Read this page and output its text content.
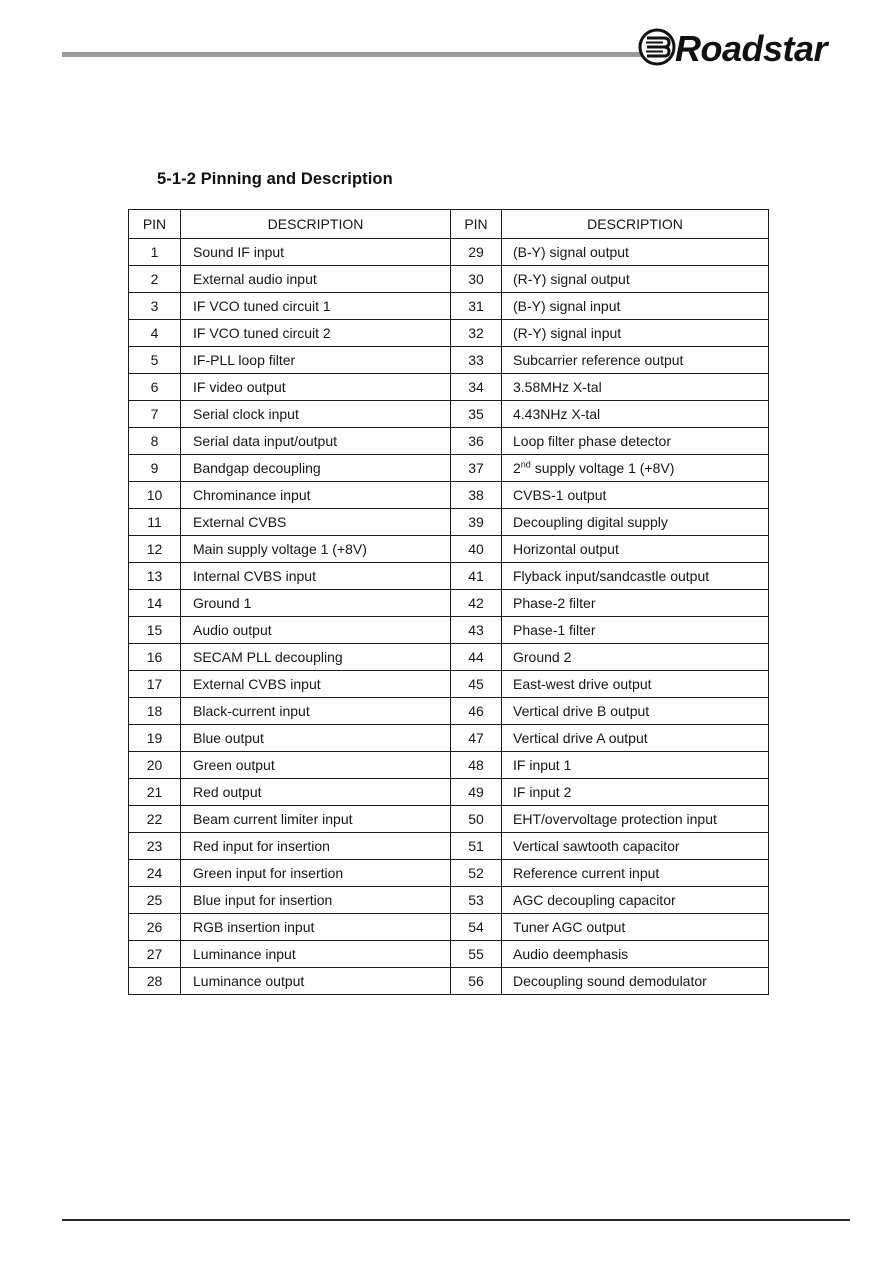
Roadstar
5-1-2 Pinning and Description
PIN	DESCRIPTION	PIN	DESCRIPTION
1	Sound IF input	29	(B-Y) signal output
2	External audio input	30	(R-Y) signal output
3	IF VCO tuned circuit 1	31	(B-Y) signal input
4	IF VCO tuned circuit 2	32	(R-Y) signal input
5	IF-PLL loop filter	33	Subcarrier reference output
6	IF video output	34	3.58MHz X-tal
7	Serial clock input	35	4.43NHz X-tal
8	Serial data input/output	36	Loop filter phase detector
9	Bandgap decoupling	37	2nd supply voltage 1 (+8V)
10	Chrominance input	38	CVBS-1 output
11	External CVBS	39	Decoupling digital supply
12	Main supply voltage 1 (+8V)	40	Horizontal output
13	Internal CVBS input	41	Flyback input/sandcastle output
14	Ground 1	42	Phase-2 filter
15	Audio output	43	Phase-1 filter
16	SECAM PLL decoupling	44	Ground 2
17	External CVBS input	45	East-west drive output
18	Black-current input	46	Vertical drive B output
19	Blue output	47	Vertical drive A output
20	Green output	48	IF input 1
21	Red output	49	IF input 2
22	Beam current limiter input	50	EHT/overvoltage protection input
23	Red input for insertion	51	Vertical sawtooth capacitor
24	Green input for insertion	52	Reference current input
25	Blue input for insertion	53	AGC decoupling capacitor
26	RGB insertion input	54	Tuner AGC output
27	Luminance input	55	Audio deemphasis
28	Luminance output	56	Decoupling sound demodulator
